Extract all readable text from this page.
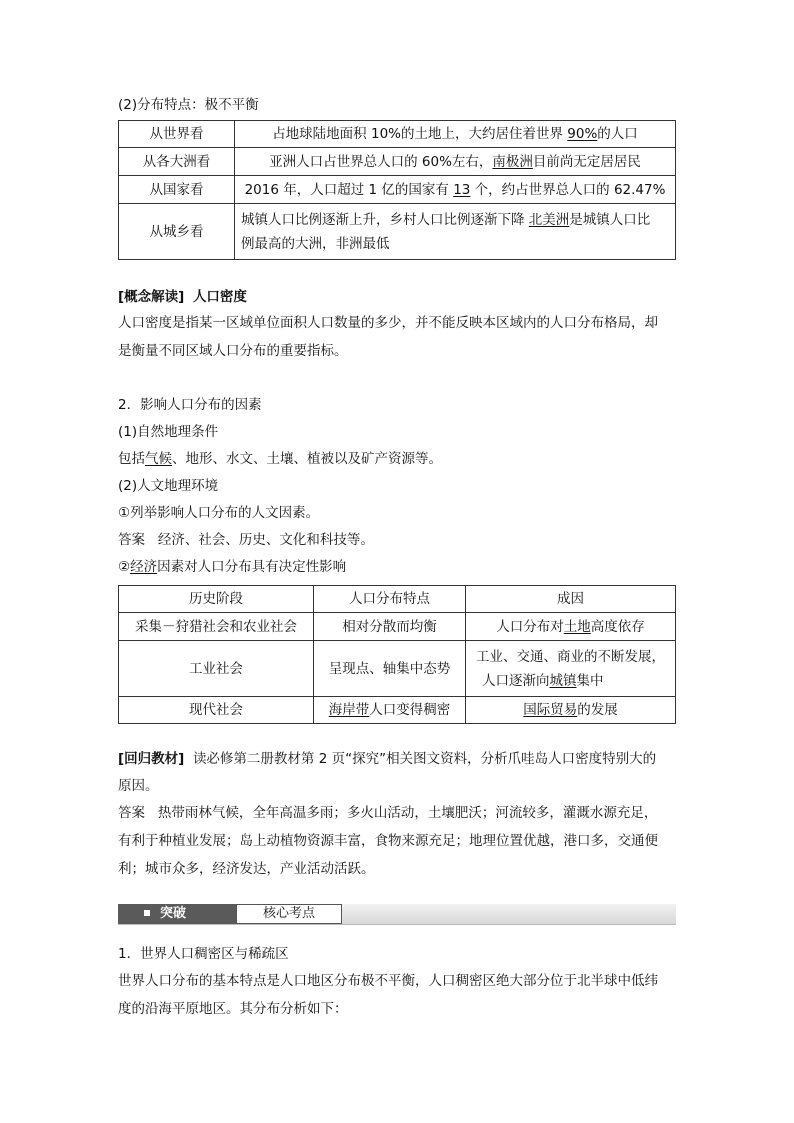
(2)分布特点：极不平衡
从世界看	占地球陆地面积 10%的土地上，大约居住着世界 90%的人口
从各大洲看	亚洲人口占世界总人口的 60%左右，南极洲目前尚无定居居民
从国家看	2016 年，人口超过 1 亿的国家有 13 个，约占世界总人口的 62.47%
从城乡看	城镇人口比例逐渐上升，乡村人口比例逐渐下降 北美洲是城镇人口比
例最高的大洲，非洲最低
[概念解读] 人口密度
人口密度是指某一区域单位面积人口数量的多少，并不能反映本区域内的人口分布格局，却
是衡量不同区域人口分布的重要指标。
2．影响人口分布的因素
(1)自然地理条件
包括气候、地形、水文、土壤、植被以及矿产资源等。
(2)人文地理环境
①列举影响人口分布的人文因素。
答案 经济、社会、历史、文化和科技等。
②经济因素对人口分布具有决定性影响
历史阶段	人口分布特点	成因
采集－狩猎社会和农业社会	相对分散而均衡	人口分布对土地高度依存
工业社会	呈现点、轴集中态势	工业、交通、商业的不断发展，
人口逐渐向城镇集中
现代社会	海岸带人口变得稠密	国际贸易的发展
[回归教材] 读必修第二册教材第 2 页“探究”相关图文资料，分析爪哇岛人口密度特别大的
原因。
答案 热带雨林气候，全年高温多雨；多火山活动，土壤肥沃；河流较多，灌溉水源充足，
有利于种植业发展；岛上动植物资源丰富，食物来源充足；地理位置优越，港口多，交通便
利；城市众多，经济发达，产业活动活跃。
突破	核心考点
1．世界人口稠密区与稀疏区
世界人口分布的基本特点是人口地区分布极不平衡，人口稠密区绝大部分位于北半球中低纬
度的沿海平原地区。其分布分析如下：
